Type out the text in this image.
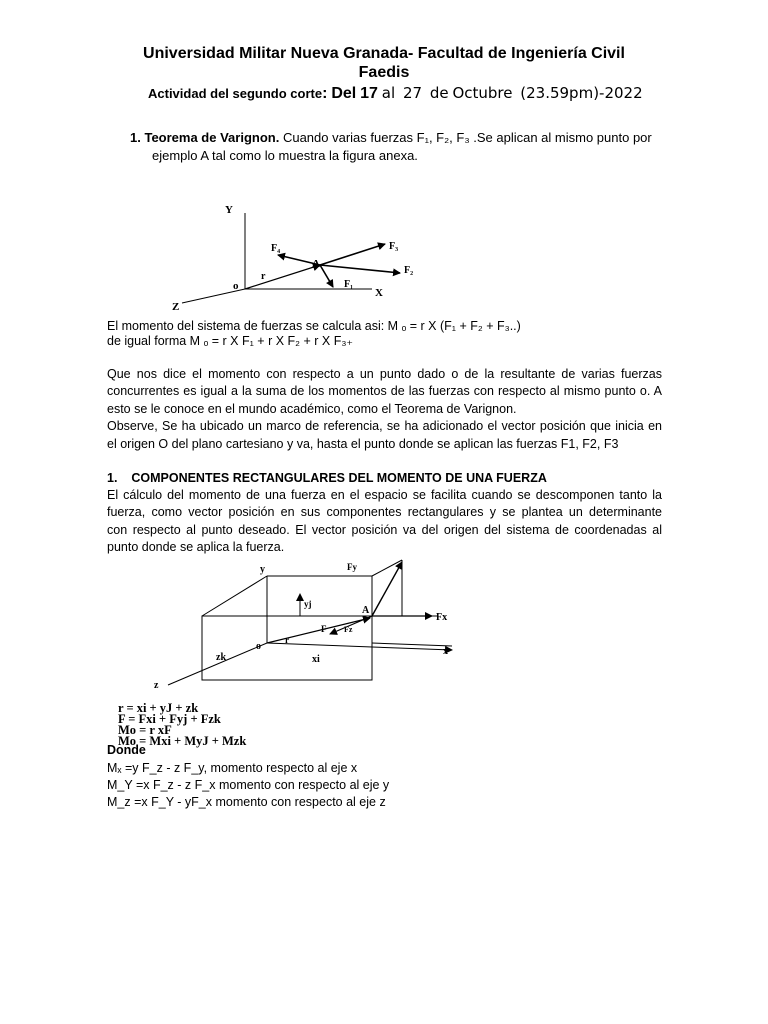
Universidad Militar Nueva Granada- Facultad de Ingeniería Civil
Faedis
Actividad del segundo corte: Del 17 al 27 de Octubre (23.59pm)-2022
1. Teorema de Varignon. Cuando varias fuerzas F₁, F₂, F₃ .Se aplican al mismo punto por
ejemplo A tal como lo muestra la figura anexa.
Y
X
Z
o
r
A
F₁
F₂
F₃
F₄
El momento del sistema de fuerzas se calcula asi: M ₒ = r X (F₁ + F₂ + F₃..)
de igual forma M ₒ = r X F₁ + r X F₂ + r X F₃₊
Que nos dice el momento con respecto a un punto dado o de la resultante de varias fuerzas
concurrentes es igual a la suma de los momentos de las fuerzas con respecto al mismo punto o. A
esto se le conoce en el mundo académico, como el Teorema de Varignon.
Observe, Se ha ubicado un marco de referencia, se ha adicionado el vector posición que inicia en
el origen O del plano cartesiano y va, hasta el punto donde se aplican las fuerzas F1, F2, F3
1. COMPONENTES RECTANGULARES DEL MOMENTO DE UNA FUERZA
El cálculo del momento de una fuerza en el espacio se facilita cuando se descomponen tanto la
fuerza, como vector posición en sus componentes rectangulares y se plantea un determinante
con respecto al punto deseado. El vector posición va del origen del sistema de coordenadas al
punto donde se aplica la fuerza.
y
x
z
o
A
r
F
Fy
Fx
Fz
yj
xi
zk
r = xi + yJ + zk
F = Fxi + Fyj + Fzk
Mo = r xF
Mo = Mxi + MyJ + Mzk
Donde
Mₓ =y F_z - z F_y, momento respecto al eje x
M_Y =x F_z - z F_x momento con respecto al eje y
M_z =x F_Y - yF_x momento con respecto al eje z
